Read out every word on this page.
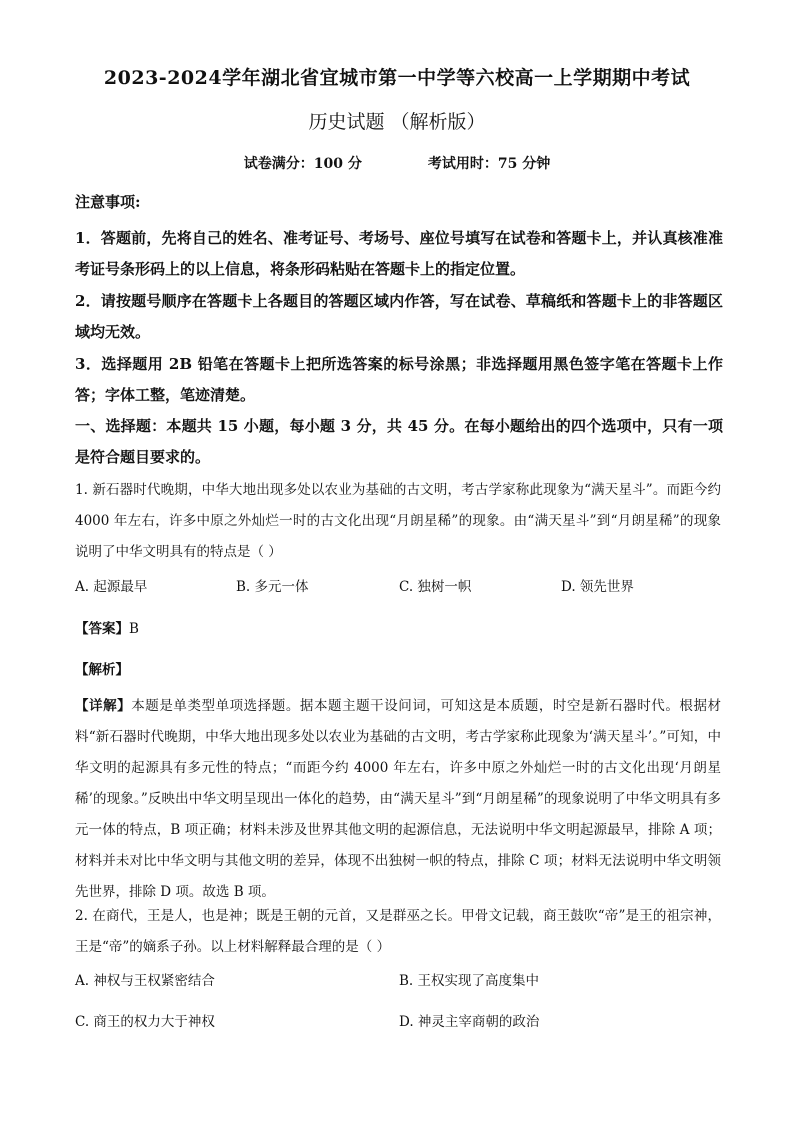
2023-2024学年湖北省宜城市第一中学等六校高一上学期期中考试
历史试题 （解析版）
试卷满分：100 分	考试用时：75 分钟
注意事项:
1．答题前，先将自己的姓名、准考证号、考场号、座位号填写在试卷和答题卡上，并认真核准准考证号条形码上的以上信息，将条形码粘贴在答题卡上的指定位置。
2．请按题号顺序在答题卡上各题目的答题区域内作答，写在试卷、草稿纸和答题卡上的非答题区域均无效。
3．选择题用 2B 铅笔在答题卡上把所选答案的标号涂黑；非选择题用黑色签字笔在答题卡上作答；字体工整，笔迹清楚。
一、选择题：本题共 15 小题，每小题 3 分，共 45 分。在每小题给出的四个选项中，只有一项是符合题目要求的。
1. 新石器时代晚期，中华大地出现多处以农业为基础的古文明，考古学家称此现象为“满天星斗”。而距今约 4000 年左右，许多中原之外灿烂一时的古文化出现“月朗星稀”的现象。由“满天星斗”到“月朗星稀”的现象说明了中华文明具有的特点是（ ）
A. 起源最早	B. 多元一体	C. 独树一帜	D. 领先世界
【答案】B
【解析】
【详解】本题是单类型单项选择题。据本题主题干设问词，可知这是本质题，时空是新石器时代。根据材料“新石器时代晚期，中华大地出现多处以农业为基础的古文明，考古学家称此现象为‘满天星斗’。”可知，中华文明的起源具有多元性的特点；“而距今约 4000 年左右，许多中原之外灿烂一时的古文化出现‘月朗星稀’的现象。”反映出中华文明呈现出一体化的趋势，由“满天星斗”到“月朗星稀”的现象说明了中华文明具有多元一体的特点，B 项正确；材料未涉及世界其他文明的起源信息，无法说明中华文明起源最早，排除 A 项；材料并未对比中华文明与其他文明的差异，体现不出独树一帜的特点，排除 C 项；材料无法说明中华文明领先世界，排除 D 项。故选 B 项。
2. 在商代，王是人，也是神；既是王朝的元首，又是群巫之长。甲骨文记载，商王鼓吹“帝”是王的祖宗神，王是“帝”的嫡系子孙。以上材料解释最合理的是（ ）
A. 神权与王权紧密结合	B. 王权实现了高度集中
C. 商王的权力大于神权	D. 神灵主宰商朝的政治
